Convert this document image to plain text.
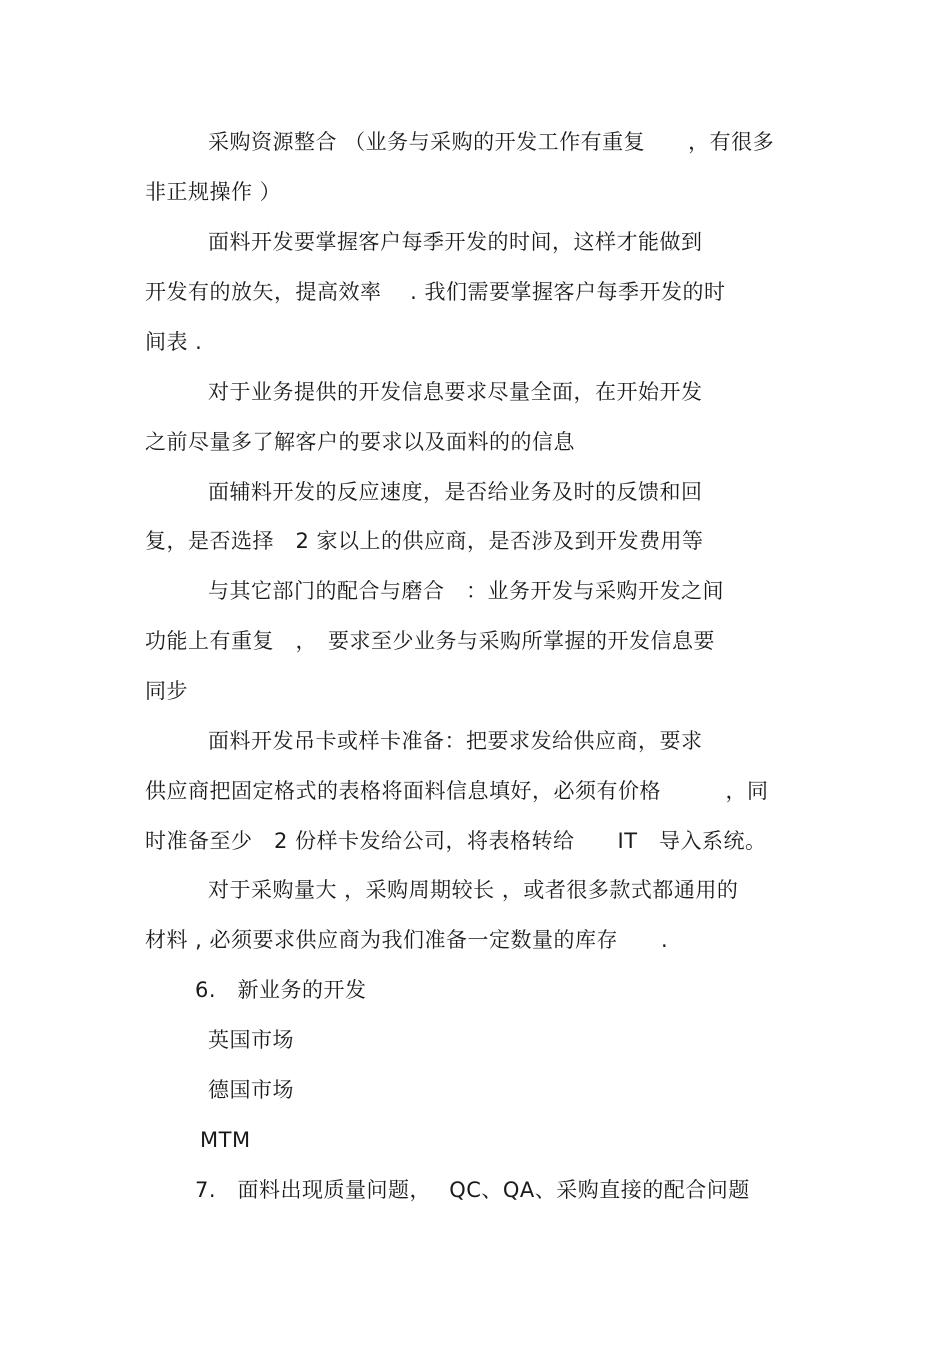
采购资源整合 （业务与采购的开发工作有重复　　，有很多
非正规操作 ）
面料开发要掌握客户每季开发的时间，这样才能做到
开发有的放矢，提高效率　 . 我们需要掌握客户每季开发的时
间表 .
对于业务提供的开发信息要求尽量全面，在开始开发
之前尽量多了解客户的要求以及面料的的信息
面辅料开发的反应速度，是否给业务及时的反馈和回
复，是否选择　2 家以上的供应商，是否涉及到开发费用等
与其它部门的配合与磨合　：业务开发与采购开发之间
功能上有重复　，　要求至少业务与采购所掌握的开发信息要
同步
面料开发吊卡或样卡准备：把要求发给供应商，要求
供应商把固定格式的表格将面料信息填好，必须有价格　　　，同
时准备至少　2 份样卡发给公司，将表格转给　　IT　导入系统。
对于采购量大 ，采购周期较长 ，或者很多款式都通用的
材料 , 必须要求供应商为我们准备一定数量的库存　　.
6.　新业务的开发
英国市场
德国市场
MTM
7.　面料出现质量问题，　 QC、QA、采购直接的配合问题
